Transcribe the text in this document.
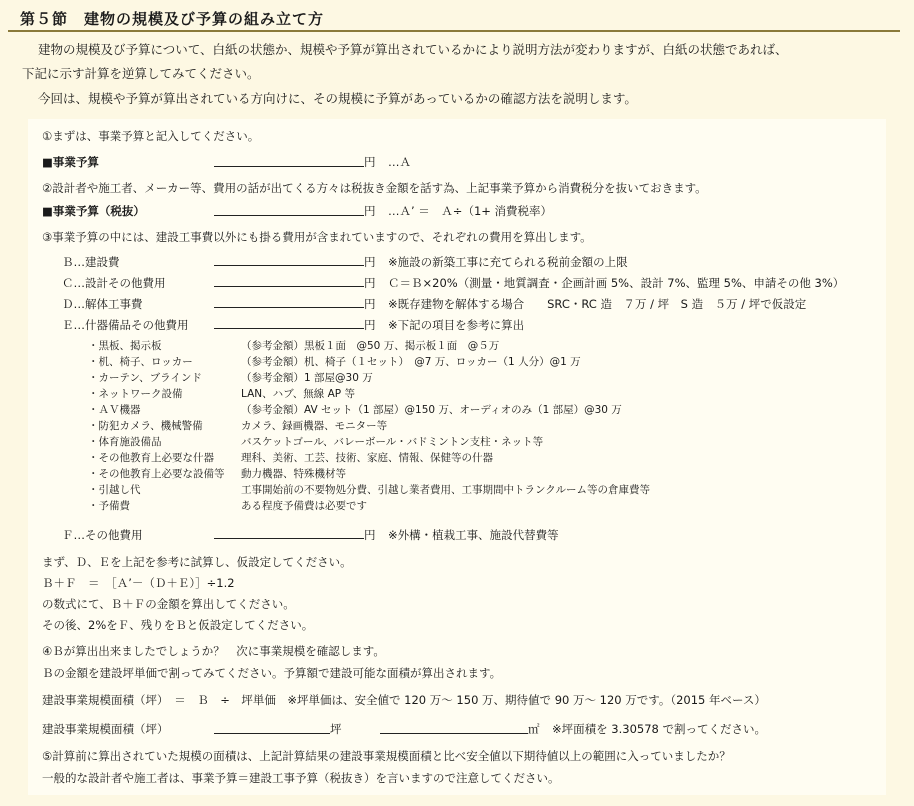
第５節　建物の規模及び予算の組み立て方
建物の規模及び予算について、白紙の状態か、規模や予算が算出されているかにより説明方法が変わりますが、白紙の状態であれば、
下記に示す計算を逆算してみてください。
今回は、規模や予算が算出されている方向けに、その規模に予算があっているかの確認方法を説明します。
①まずは、事業予算と記入してください。
■事業予算	円 …Ａ
②設計者や施工者、メーカー等、費用の話が出てくる方々は税抜き金額を話す為、上記事業予算から消費税分を抜いておきます。
■事業予算（税抜）	円 …Ａ’ ＝　Ａ÷（1+ 消費税率）
③事業予算の中には、建設工事費以外にも掛る費用が含まれていますので、それぞれの費用を算出します。
Ｂ…建設費	円 ※施設の新築工事に充てられる税前金額の上限
Ｃ…設計その他費用	円 Ｃ＝Ｂ×20%（測量・地質調査・企画計画 5%、設計 7%、監理 5%、申請その他 3%）
Ｄ…解体工事費	円 ※既存建物を解体する場合　　SRC・RC 造　７万 / 坪　S 造　５万 / 坪で仮設定
Ｅ…什器備品その他費用	円 ※下記の項目を参考に算出
・黒板、掲示板	（参考金額）黒板１面　@50 万、掲示板１面　@５万
・机、椅子、ロッカー	（参考金額）机、椅子（１セット）　@7 万、ロッカー（1 人分）@1 万
・カーテン、ブラインド	（参考金額）1 部屋@30 万
・ネットワーク設備	LAN、ハブ、無線 AP 等
・ＡＶ機器	（参考金額）AV セット（1 部屋）@150 万、オーディオのみ（1 部屋）@30 万
・防犯カメラ、機械警備	カメラ、録画機器、モニター等
・体育施設備品	バスケットゴール、バレーボール・バドミントン支柱・ネット等
・その他教育上必要な什器	理科、美術、工芸、技術、家庭、情報、保健等の什器
・その他教育上必要な設備等 動力機器、特殊機材等
・引越し代	工事開始前の不要物処分費、引越し業者費用、工事期間中トランクルーム等の倉庫費等
・予備費	ある程度予備費は必要です
Ｆ…その他費用	円 ※外構・植栽工事、施設代替費等
まず、Ｄ、Ｅを上記を参考に試算し、仮設定してください。
Ｂ＋Ｆ　＝　［Ａ’－（Ｄ＋Ｅ）］÷1.2
の数式にて、Ｂ＋Ｆの金額を算出してください。
その後、2%をＦ、残りをＢと仮設定してください。
④Ｂが算出出来ましたでしょうか？　次に事業規模を確認します。
Ｂの金額を建設坪単価で割ってみてください。予算額で建設可能な面積が算出されます。
建設事業規模面積（坪）　＝　Ｂ　÷　坪単価　※坪単価は、安全値で 120 万～ 150 万、期待値で 90 万～ 120 万です。（2015 年ベース）
建設事業規模面積（坪）	坪	㎡ ※坪面積を 3.30578 で割ってください。
⑤計算前に算出されていた規模の面積は、上記計算結果の建設事業規模面積と比べ安全値以下期待値以上の範囲に入っていましたか？
一般的な設計者や施工者は、事業予算＝建設工事予算（税抜き）を言いますので注意してください。
